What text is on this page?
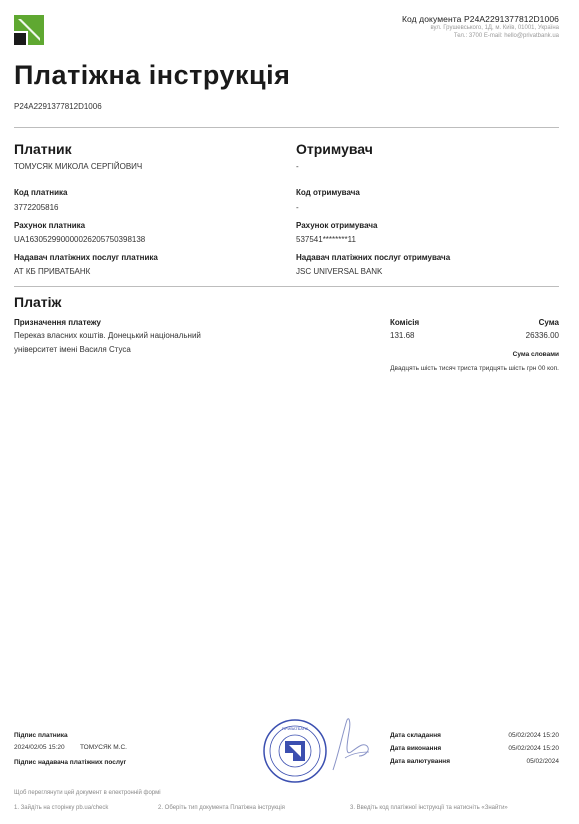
Код документа P24A2291377812D1006
вул. Грушевського, 1Д, м. Київ, 01001, Україна
Тел.: 3700 E-mail: hello@privatbank.ua
Платіжна інструкція
P24A2291377812D1006
Платник
ТОМУСЯК МИКОЛА СЕРГІЙОВИЧ
Код платника
3772205816
Рахунок платника
UA163052990000026205750398138
Надавач платіжних послуг платника
АТ КБ ПРИВАТБАНК
Отримувач
-
Код отримувача
-
Рахунок отримувача
537541********11
Надавач платіжних послуг отримувача
JSC UNIVERSAL BANK
Платіж
Призначення платежу
Переказ власних коштів. Донецький національний
університет імені Василя Стуса
Комісія
131.68
Сума
26336.00
Сума словами
Двадцять шість тисяч триста тридцять шість грн 00 коп.
Підпис платника
2024/02/05 15:20 ТОМУСЯК М.С.
Підпис надавача платіжних послуг
ПРИВАТБАНК
Дата складання	05/02/2024 15:20
Дата виконання	05/02/2024 15:20
Дата валютування	05/02/2024
Щоб переглянути цей документ в електронній формі
1. Зайдіть на сторінку pb.ua/check	2. Оберіть тип документа Платіжна інструкція	3. Введіть код платіжної інструкції та натисніть «Знайти»
